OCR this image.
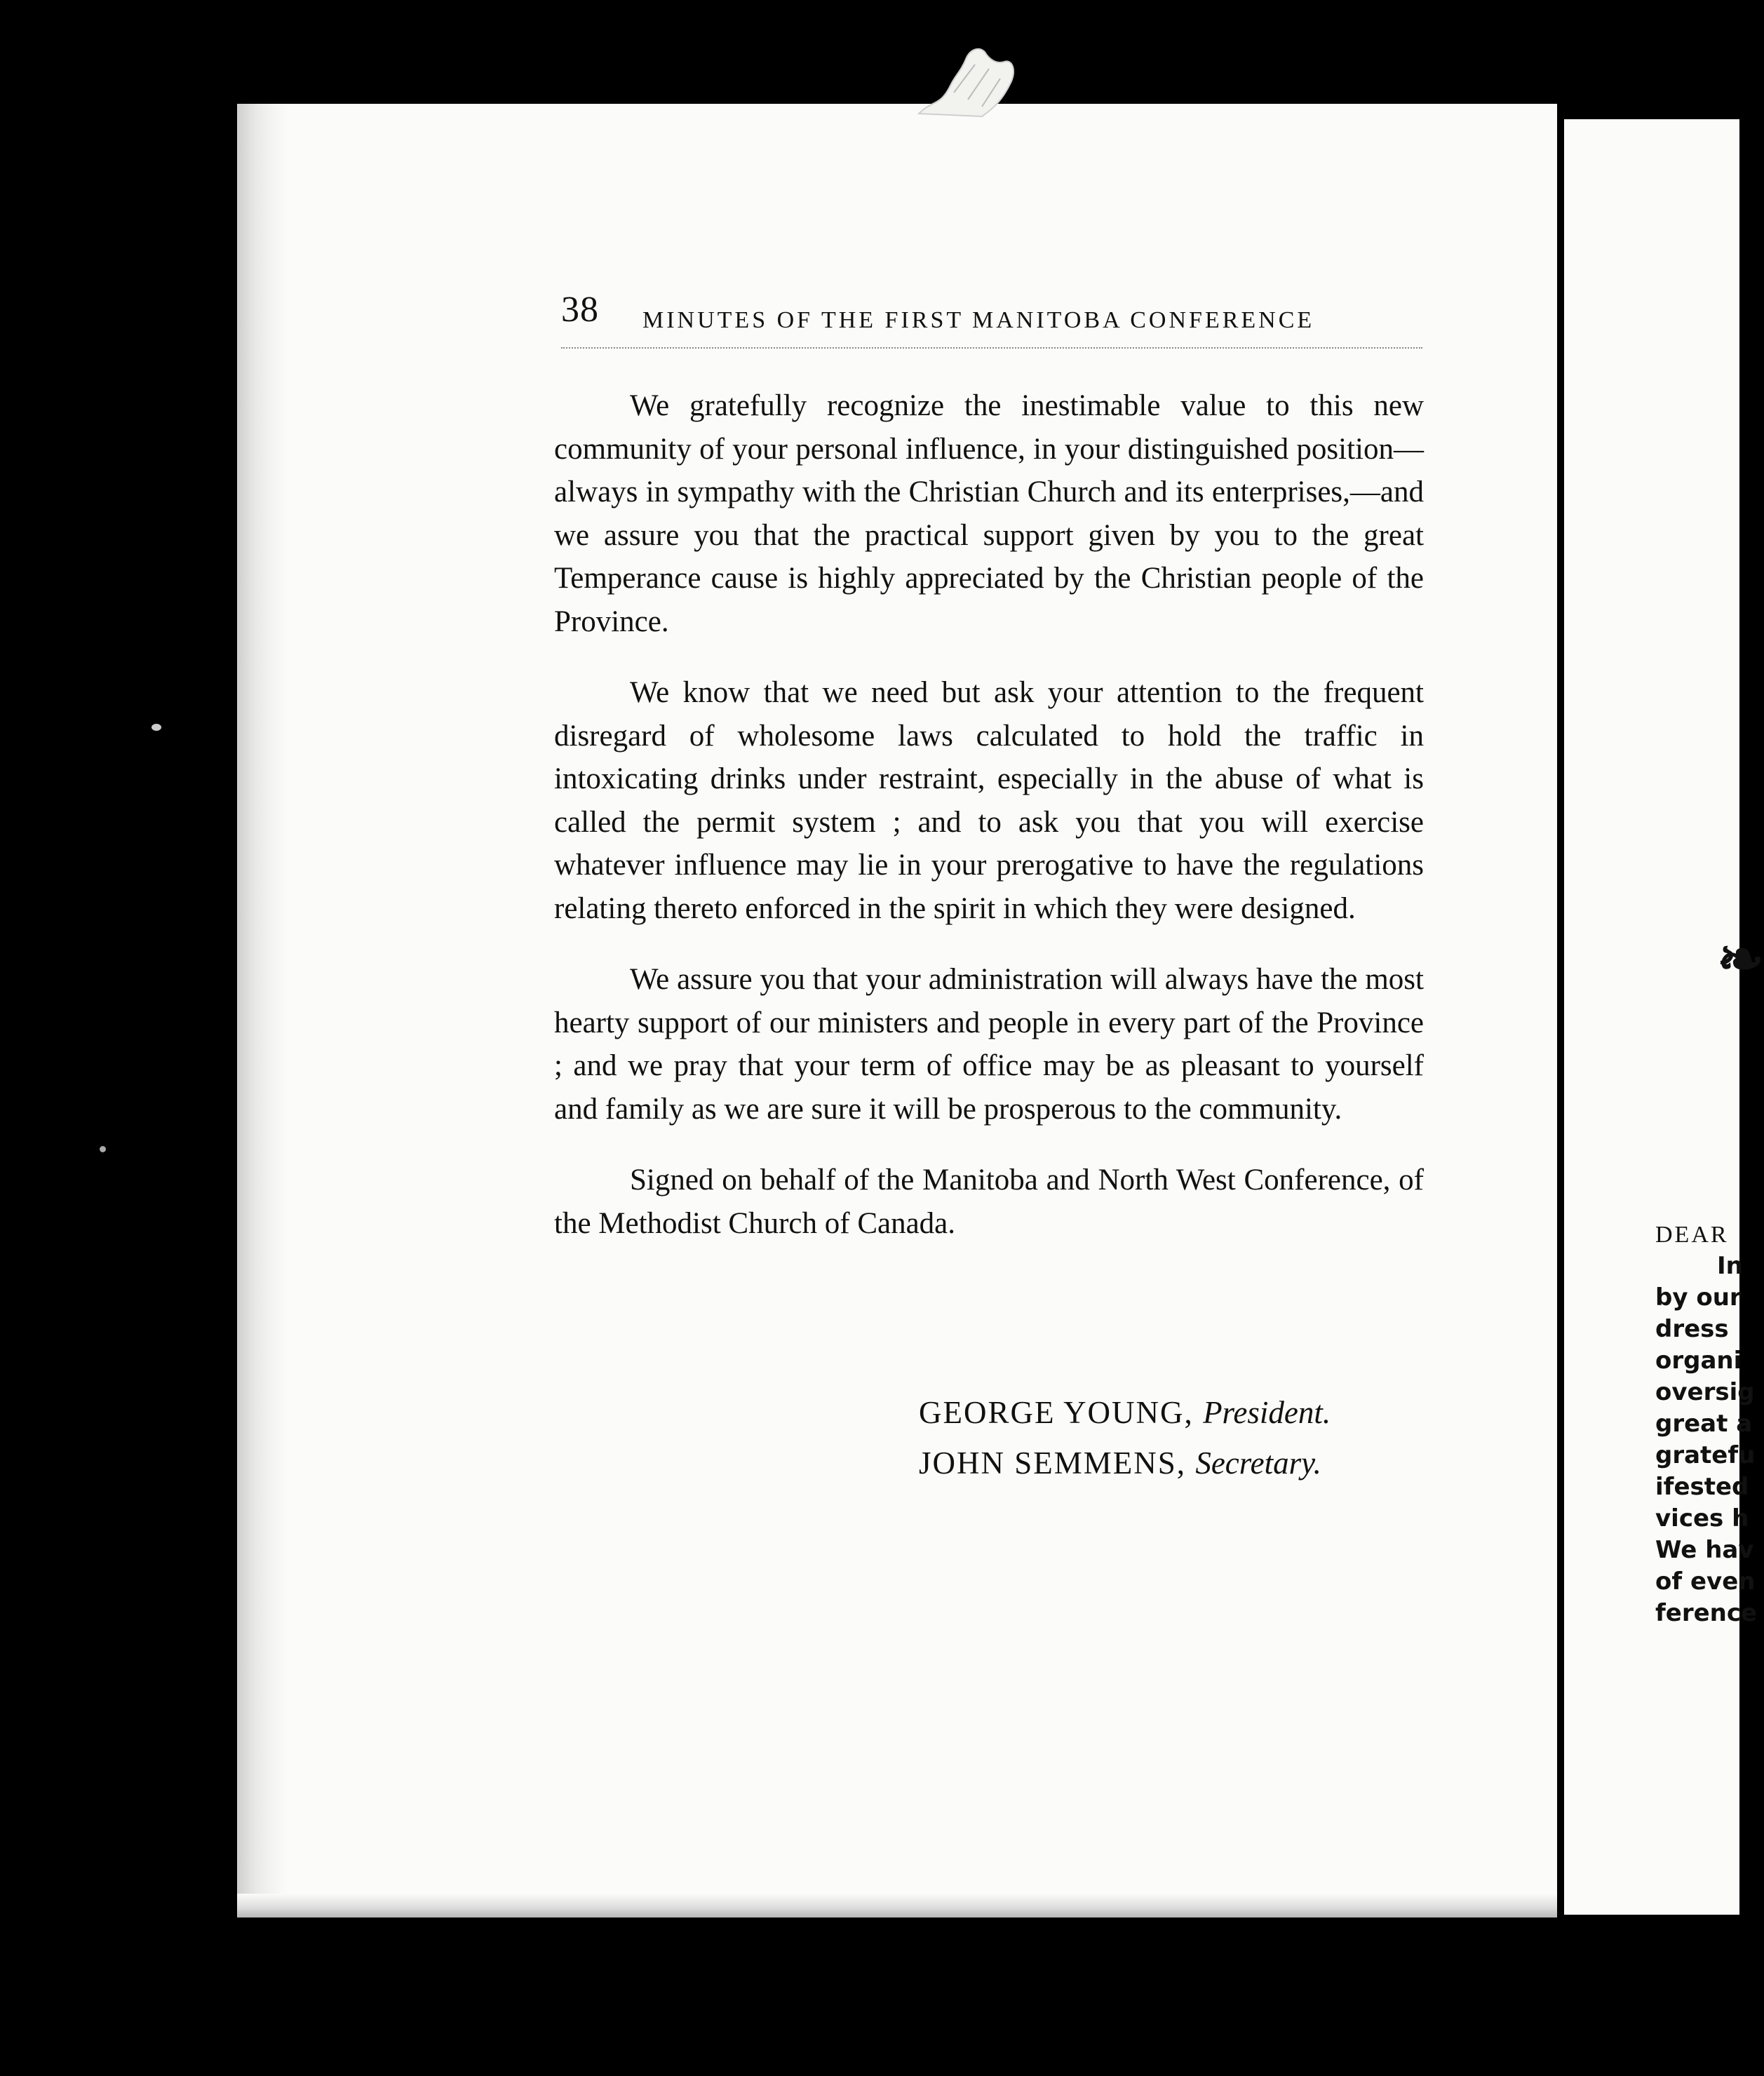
38 MINUTES OF THE FIRST MANITOBA CONFERENCE

We gratefully recognize the inestimable value to this new community of your personal influence, in your distinguished position—always in sympathy with the Christian Church and its enterprises,—and we assure you that the practical support given by you to the great Temperance cause is highly appreciated by the Christian people of the Province.

We know that we need but ask your attention to the frequent disregard of wholesome laws calculated to hold the traffic in intoxicating drinks under restraint, especially in the abuse of what is called the permit system ; and to ask you that you will exercise whatever influence may lie in your prerogative to have the regulations relating thereto enforced in the spirit in which they were designed.

We assure you that your administration will always have the most hearty support of our ministers and people in every part of the Province ; and we pray that your term of office may be as pleasant to yourself and family as we are sure it will be prosperous to the community.

Signed on behalf of the Manitoba and North West Conference, of the Methodist Church of Canada.

GEORGE YOUNG, President.
JOHN SEMMENS, Secretary.
❧
DEAR
In
by our
dress
organi
oversig
great a
gratefu
ifested
vices h
We hav
of even
ference
